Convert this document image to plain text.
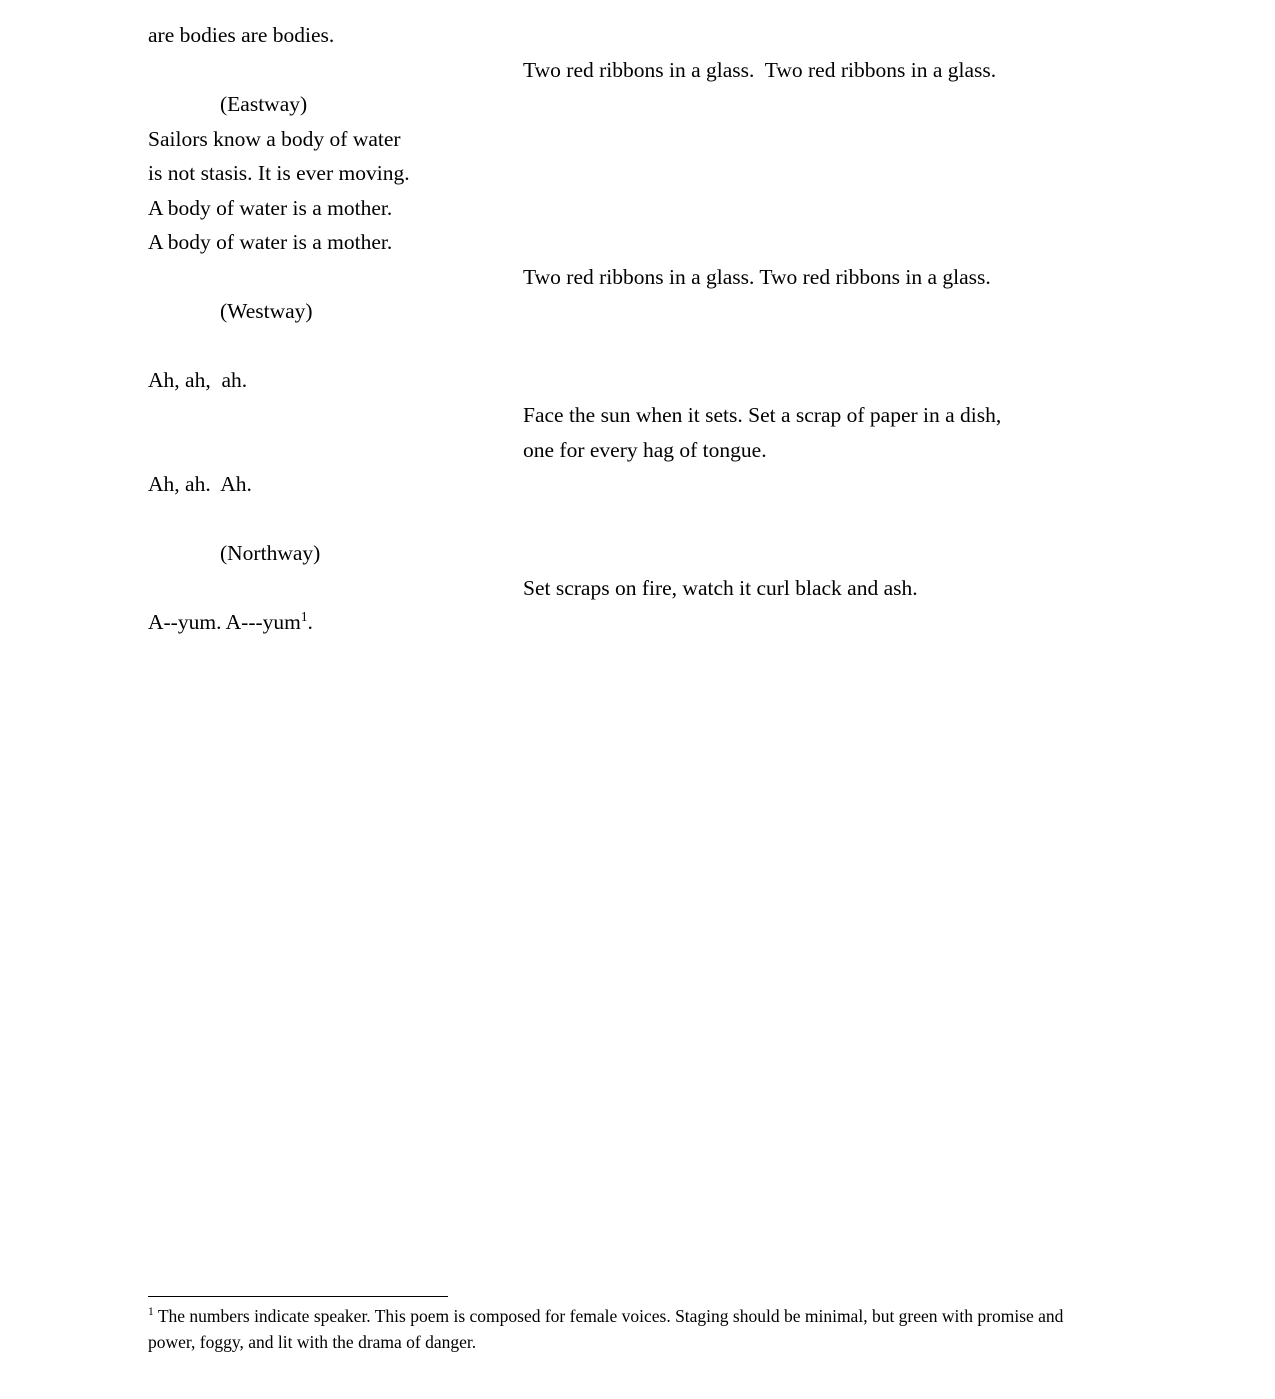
are bodies are bodies.
(Eastway)
Sailors know a body of water
is not stasis. It is ever moving.
A body of water is a mother.
A body of water is a mother.
(Westway)
Ah, ah,  ah.
Ah, ah.  Ah.
(Northway)
A--yum. A---yum$^1$.
Two red ribbons in a glass.  Two red ribbons in a glass.
Two red ribbons in a glass. Two red ribbons in a glass.
Face the sun when it sets. Set a scrap of paper in a dish,
one for every hag of tongue.
Set scraps on fire, watch it curl black and ash.
$^1$ The numbers indicate speaker. This poem is composed for female voices. Staging should be minimal, but green with promise and power, foggy, and lit with the drama of danger.
